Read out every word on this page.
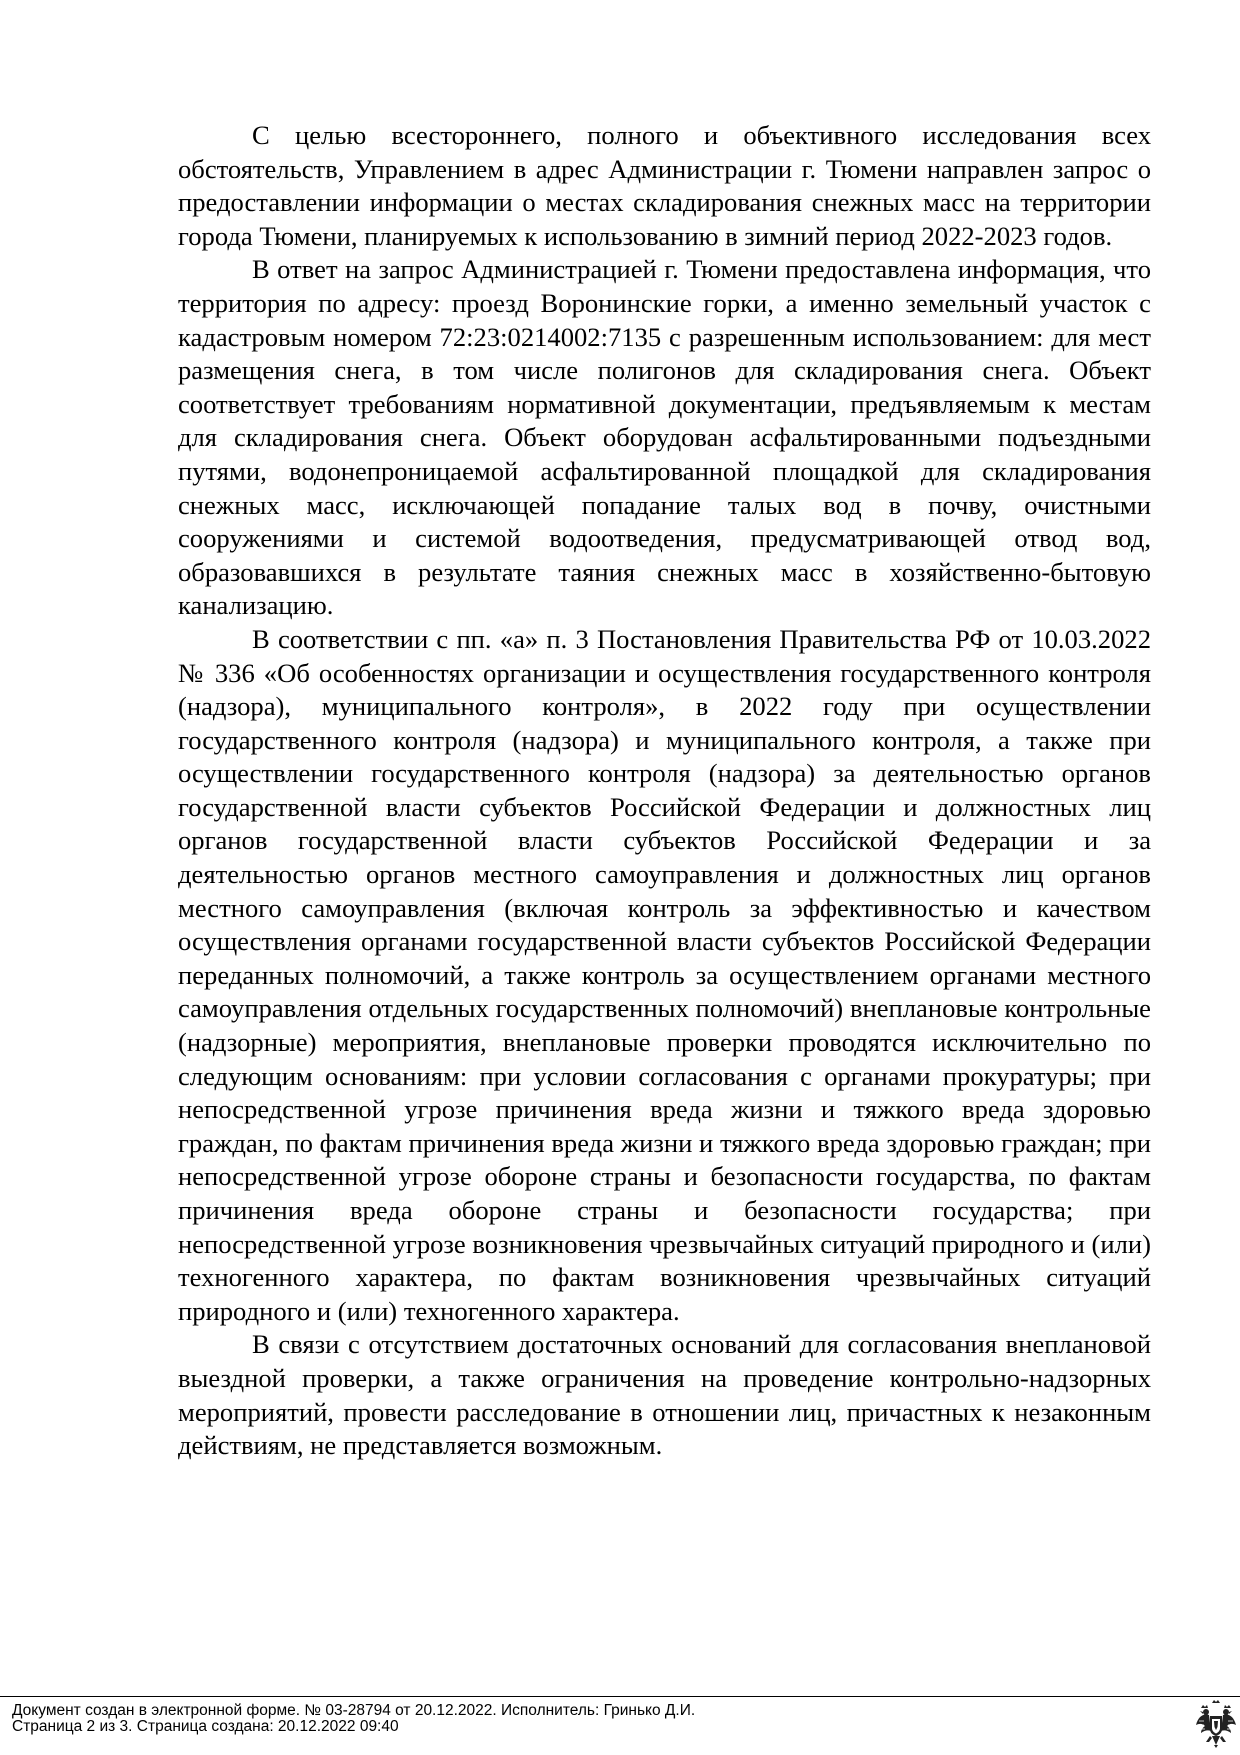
С целью всестороннего, полного и объективного исследования всех обстоятельств, Управлением в адрес Администрации г. Тюмени направлен запрос о предоставлении информации о местах складирования снежных масс на территории города Тюмени, планируемых к использованию в зимний период 2022-2023 годов.

В ответ на запрос Администрацией г. Тюмени предоставлена информация, что территория по адресу: проезд Воронинские горки, а именно земельный участок с кадастровым номером 72:23:0214002:7135 с разрешенным использованием: для мест размещения снега, в том числе полигонов для складирования снега. Объект соответствует требованиям нормативной документации, предъявляемым к местам для складирования снега. Объект оборудован асфальтированными подъездными путями, водонепроницаемой асфальтированной площадкой для складирования снежных масс, исключающей попадание талых вод в почву, очистными сооружениями и системой водоотведения, предусматривающей отвод вод, образовавшихся в результате таяния снежных масс в хозяйственно-бытовую канализацию.

В соответствии с пп. «а» п. 3 Постановления Правительства РФ от 10.03.2022 № 336 «Об особенностях организации и осуществления государственного контроля (надзора), муниципального контроля», в 2022 году при осуществлении государственного контроля (надзора) и муниципального контроля, а также при осуществлении государственного контроля (надзора) за деятельностью органов государственной власти субъектов Российской Федерации и должностных лиц органов государственной власти субъектов Российской Федерации и за деятельностью органов местного самоуправления и должностных лиц органов местного самоуправления (включая контроль за эффективностью и качеством осуществления органами государственной власти субъектов Российской Федерации переданных полномочий, а также контроль за осуществлением органами местного самоуправления отдельных государственных полномочий) внеплановые контрольные (надзорные) мероприятия, внеплановые проверки проводятся исключительно по следующим основаниям: при условии согласования с органами прокуратуры; при непосредственной угрозе причинения вреда жизни и тяжкого вреда здоровью граждан, по фактам причинения вреда жизни и тяжкого вреда здоровью граждан; при непосредственной угрозе обороне страны и безопасности государства, по фактам причинения вреда обороне страны и безопасности государства; при непосредственной угрозе возникновения чрезвычайных ситуаций природного и (или) техногенного характера, по фактам возникновения чрезвычайных ситуаций природного и (или) техногенного характера.

В связи с отсутствием достаточных оснований для согласования внеплановой выездной проверки, а также ограничения на проведение контрольно-надзорных мероприятий, провести расследование в отношении лиц, причастных к незаконным действиям, не представляется возможным.

Документ создан в электронной форме. № 03-28794 от 20.12.2022. Исполнитель: Гринько Д.И.
Страница 2 из 3. Страница создана: 20.12.2022 09:40
